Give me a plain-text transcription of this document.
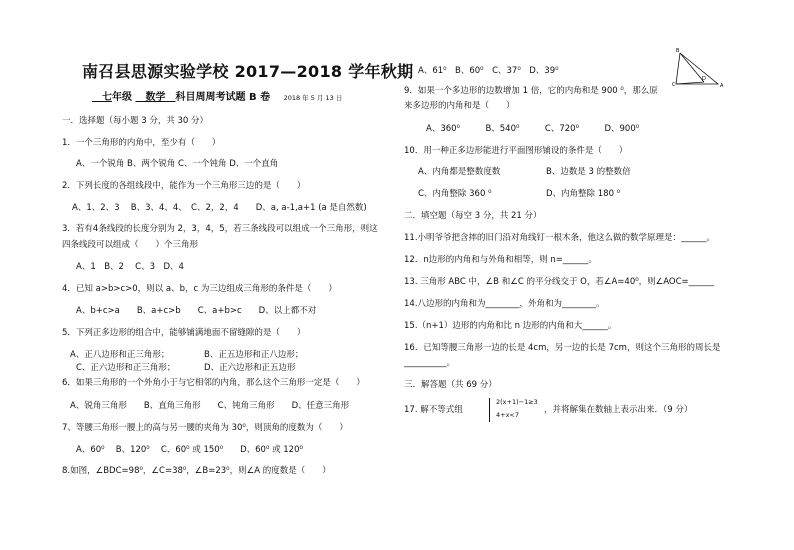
南召县思源实验学校 2017—2018 学年秋期
 七年级   数学  科目周周考试题 B 卷 2018 年 5 月 13 日
一．选择题（每小题 3 分，共 30 分）
1．一个三角形的内角中，至少有（　　）
A、一个锐角 B、两个锐角 C、一个钝角 D、一个直角
2．下列长度的各组线段中，能作为一个三角形三边的是（　　）
A、1、2、3　 B、3、4、4、　C、2，2，4　　D、a, a-1,a+1 (a 是自然数)
3．若有4条线段的长度分别为 2，3，4，5，若三条线段可以组成一个三角形，则这
四条线段可以组成（　　）个三角形
A、1　B、2　 C、3　D、4
4．已知 a>b>c>0，则以 a、b，c 为三边组成三角形的条件是（　　）
A、b+c>a　　B、a+c>b　　C、a+b>c　　D、以上都不对
5．下列正多边形的组合中，能够铺满地面不留缝隙的是（　　）
A、正八边形和正三角形；	B、正五边形和正八边形；
C、正六边形和正三角形；	D、正六边形和正五边形
6．如果三角形的一个外角小于与它相邻的内角，那么这个三角形一定是（　　）
A、锐角三角形　　B、直角三角形　　C、钝角三角形　　D、任意三角形
7、等腰三角形一腰上的高与另一腰的夹角为 30⁰，则顶角的度数为（　　）
A、60⁰　 B、120⁰　 C、60⁰ 或 150⁰　　D、60⁰ 或 120⁰
8.如图，∠BDC=98⁰，∠C=38⁰，∠B=23⁰，则∠A 的度数是（　　）
A、61⁰　B、60⁰　C、37⁰　D、39⁰
9．如果一个多边形的边数增加 1 倍，它的内角和是 900 ⁰，那么原
来多边形的内角和是（　　）
A、360⁰　　　B、540⁰　　　C、720⁰　　　D、900⁰
10．用一种正多边形能进行平面图形铺设的条件是（　　）
A、内角都是整数度数	B、边数是 3 的整数倍
C、内角整除 360 ⁰	D、内角整除 180 ⁰
二．填空题（每空 3 分，共 21 分）
11.小明爷爷把含摔的旧门沿对角线钉一根木条，他这么做的数学原理是：______。
12．n边形的内角和与外角和相等，则 n=______。
13. 三角形 ABC 中，∠B 和∠C 的平分线交于 O，若∠A=40⁰，则∠AOC=______
14.八边形的内角和为________，外角和为________。
15.（n+1）边形的内角和比 n 边形的内角和大______。
16．已知等腰三角形一边的长是 4cm，另一边的长是 7cm，则这个三角形的周长是
__________。
三．解答题（共 69 分）
17. 解不等式组
2(x+1)−1≥3
4+x<7	，并将解集在数轴上表示出来．（9 分）
B
C
D
A
